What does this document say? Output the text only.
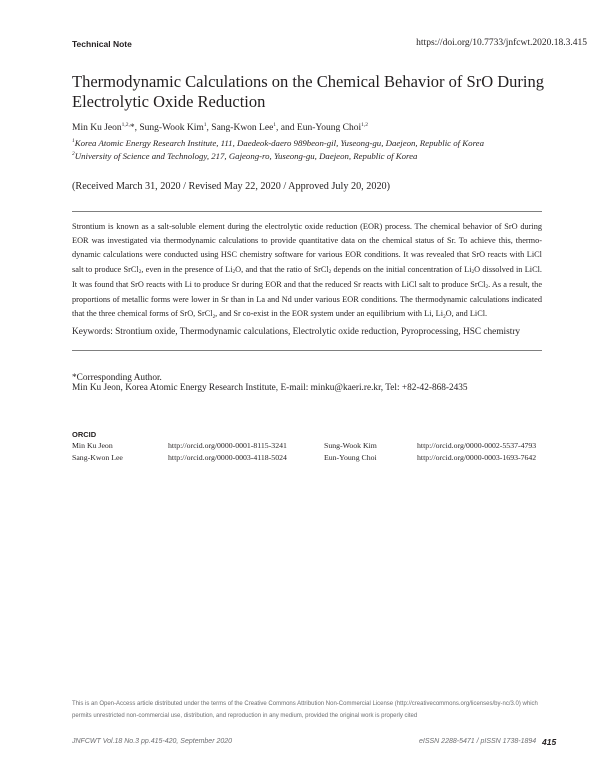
Technical Note	https://doi.org/10.7733/jnfcwt.2020.18.3.415
Thermodynamic Calculations on the Chemical Behavior of SrO During Electrolytic Oxide Reduction
Min Ku Jeon$^{1,2,}$*, Sung-Wook Kim$^1$, Sang-Kwon Lee$^1$, and Eun-Young Choi$^{1,2}$
$^1$Korea Atomic Energy Research Institute, 111, Daedeok-daero 989beon-gil, Yuseong-gu, Daejeon, Republic of Korea
$^2$University of Science and Technology, 217, Gajeong-ro, Yuseong-gu, Daejeon, Republic of Korea
(Received March 31, 2020 / Revised May 22, 2020 / Approved July 20, 2020)
Strontium is known as a salt-soluble element during the electrolytic oxide reduction (EOR) process. The chemical behavior of SrO during EOR was investigated via thermodynamic calculations to provide quantitative data on the chemical status of Sr. To achieve this, thermo-dynamic calculations were conducted using HSC chemistry software for various EOR conditions. It was revealed that SrO reacts with LiCl salt to produce SrCl$_2$, even in the presence of $Li_2O$, and that the ratio of SrCl$_2$ depends on the initial concentration of $Li_2O$ dissolved in LiCl. It was found that SrO reacts with Li to produce Sr during EOR and that the reduced Sr reacts with LiCl salt to produce SrCl$_2$. As a result, the proportions of metallic forms were lower in Sr than in La and Nd under various EOR conditions. The thermodynamic calculations indicated that the three chemical forms of SrO, SrCl$_2$, and Sr co-exist in the EOR system under an equilibrium with Li, $Li_2O$, and LiCl.
Keywords: Strontium oxide, Thermodynamic calculations, Electrolytic oxide reduction, Pyroprocessing, HSC chemistry
*Corresponding Author.
Min Ku Jeon, Korea Atomic Energy Research Institute, E-mail: minku@kaeri.re.kr, Tel: +82-42-868-2435
ORCID
Min Ku Jeon	http://orcid.org/0000-0001-8115-3241	Sung-Wook Kim	http://orcid.org/0000-0002-5537-4793
Sang-Kwon Lee	http://orcid.org/0000-0003-4118-5024	Eun-Young Choi	http://orcid.org/0000-0003-1693-7642
This is an Open-Access article distributed under the terms of the Creative Commons Attribution Non-Commercial License (http://creativecommons.org/licenses/by-nc/3.0) which permits unrestricted non-commercial use, distribution, and reproduction in any medium, provided the original work is properly cited
JNFCWT Vol.18 No.3 pp.415-420, September 2020	eISSN 2288-5471 / pISSN 1738-1894 415
